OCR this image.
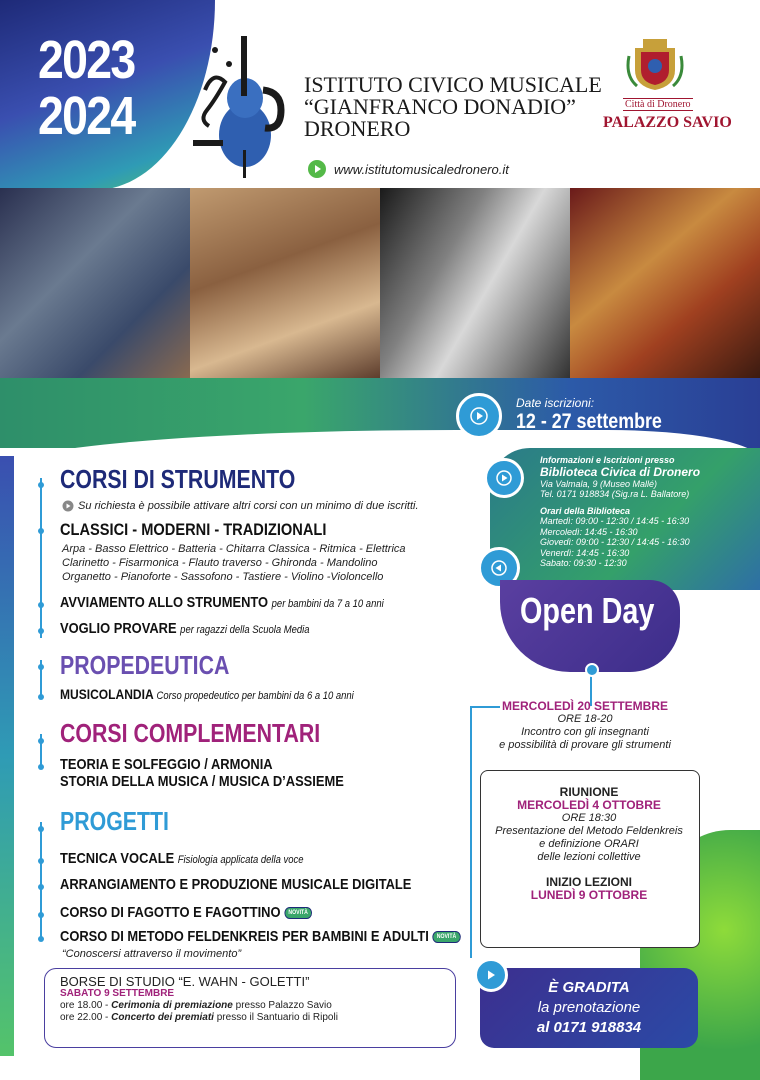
2023
2024
ISTITUTO CIVICO MUSICALE
“GIANFRANCO DONADIO”
DRONERO
www.istitutomusicaledronero.it
Città di Dronero
PALAZZO SAVIO
Date iscrizioni:
12 - 27 settembre
Informazioni e Iscrizioni presso
Biblioteca Civica di Dronero
Via Valmala, 9 (Museo Mallé)
Tel. 0171 918834 (Sig.ra L. Ballatore)
Orari della Biblioteca
Martedì: 09:00 - 12:30 / 14:45 - 16:30
Mercoledì: 14:45 - 16:30
Giovedì: 09:00 - 12:30 / 14:45 - 16:30
Venerdì: 14:45 - 16:30
Sabato: 09:30 - 12:30
Open Day
MERCOLEDÌ 20 SETTEMBRE
ORE 18-20
Incontro con gli insegnanti
e possibilità di provare gli strumenti
RIUNIONE
MERCOLEDÌ 4 OTTOBRE
ORE 18:30
Presentazione del Metodo Feldenkreis
e definizione ORARI
delle lezioni collettive
INIZIO LEZIONI
LUNEDÌ 9 OTTOBRE
È GRADITA
la prenotazione
al 0171 918834
CORSI DI STRUMENTO
Su richiesta è possibile attivare altri corsi con un minimo di due iscritti.
CLASSICI - MODERNI - TRADIZIONALI
Arpa - Basso Elettrico - Batteria - Chitarra Classica - Ritmica - Elettrica
Clarinetto - Fisarmonica - Flauto traverso - Ghironda - Mandolino
Organetto - Pianoforte - Sassofono - Tastiere - Violino -Violoncello
AVVIAMENTO ALLO STRUMENTO per bambini da 7 a 10 anni
VOGLIO PROVARE per ragazzi della Scuola Media
PROPEDEUTICA
MUSICOLANDIA Corso propedeutico per bambini da 6 a 10 anni
CORSI COMPLEMENTARI
TEORIA E SOLFEGGIO / ARMONIA
STORIA DELLA MUSICA / MUSICA D’ASSIEME
PROGETTI
TECNICA VOCALE Fisiologia applicata della voce
ARRANGIAMENTO E PRODUZIONE MUSICALE DIGITALE
CORSO DI FAGOTTO E FAGOTTINO NOVITÀ
CORSO DI METODO FELDENKREIS PER BAMBINI E ADULTI NOVITÀ
“Conoscersi attraverso il movimento”
BORSE DI STUDIO “E. WAHN - GOLETTI”
SABATO 9 SETTEMBRE
ore 18.00 - Cerimonia di premiazione presso Palazzo Savio
ore 22.00 - Concerto dei premiati presso il Santuario di Ripoli
